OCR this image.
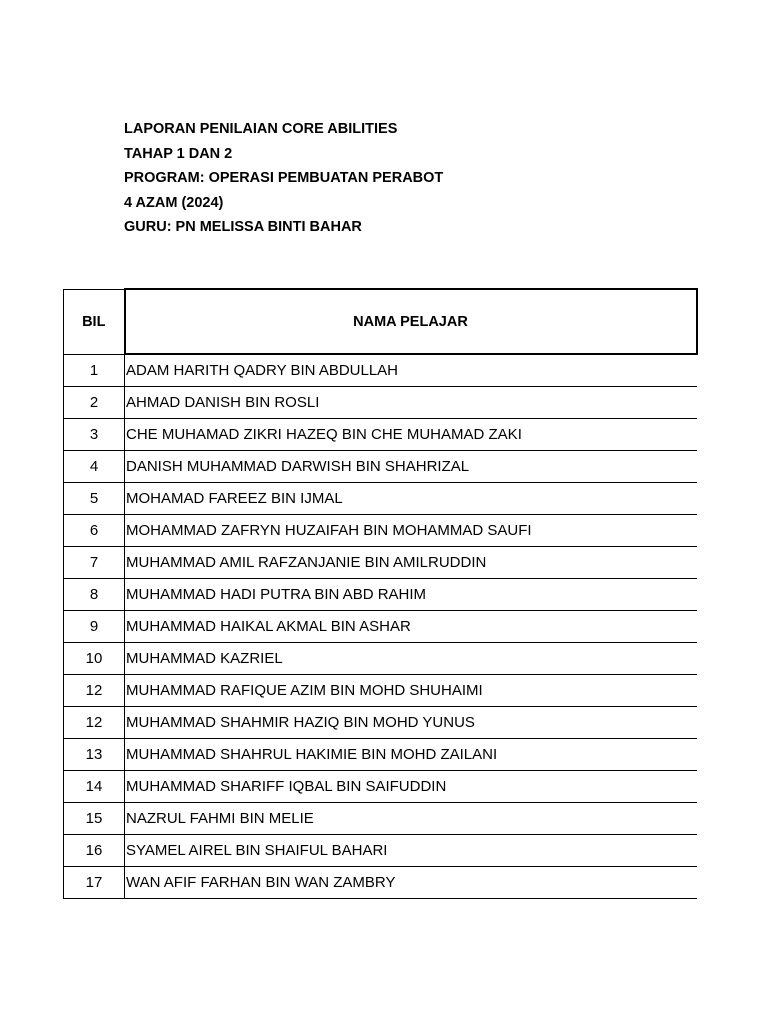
LAPORAN PENILAIAN CORE ABILITIES
TAHAP 1 DAN 2
PROGRAM: OPERASI PEMBUATAN PERABOT
4 AZAM (2024)
GURU: PN MELISSA BINTI BAHAR
BIL	NAMA PELAJAR
1	ADAM HARITH QADRY BIN ABDULLAH
2	AHMAD DANISH BIN ROSLI
3	CHE MUHAMAD ZIKRI HAZEQ BIN CHE MUHAMAD ZAKI
4	DANISH MUHAMMAD DARWISH BIN SHAHRIZAL
5	MOHAMAD FAREEZ BIN IJMAL
6	MOHAMMAD ZAFRYN HUZAIFAH BIN MOHAMMAD SAUFI
7	MUHAMMAD AMIL RAFZANJANIE BIN AMILRUDDIN
8	MUHAMMAD HADI PUTRA BIN ABD RAHIM
9	MUHAMMAD HAIKAL AKMAL BIN ASHAR
10	MUHAMMAD KAZRIEL
12	MUHAMMAD RAFIQUE AZIM BIN MOHD SHUHAIMI
12	MUHAMMAD SHAHMIR HAZIQ BIN MOHD YUNUS
13	MUHAMMAD SHAHRUL HAKIMIE BIN MOHD ZAILANI
14	MUHAMMAD SHARIFF IQBAL BIN SAIFUDDIN
15	NAZRUL FAHMI BIN MELIE
16	SYAMEL AIREL BIN SHAIFUL BAHARI
17	WAN AFIF FARHAN BIN WAN ZAMBRY
